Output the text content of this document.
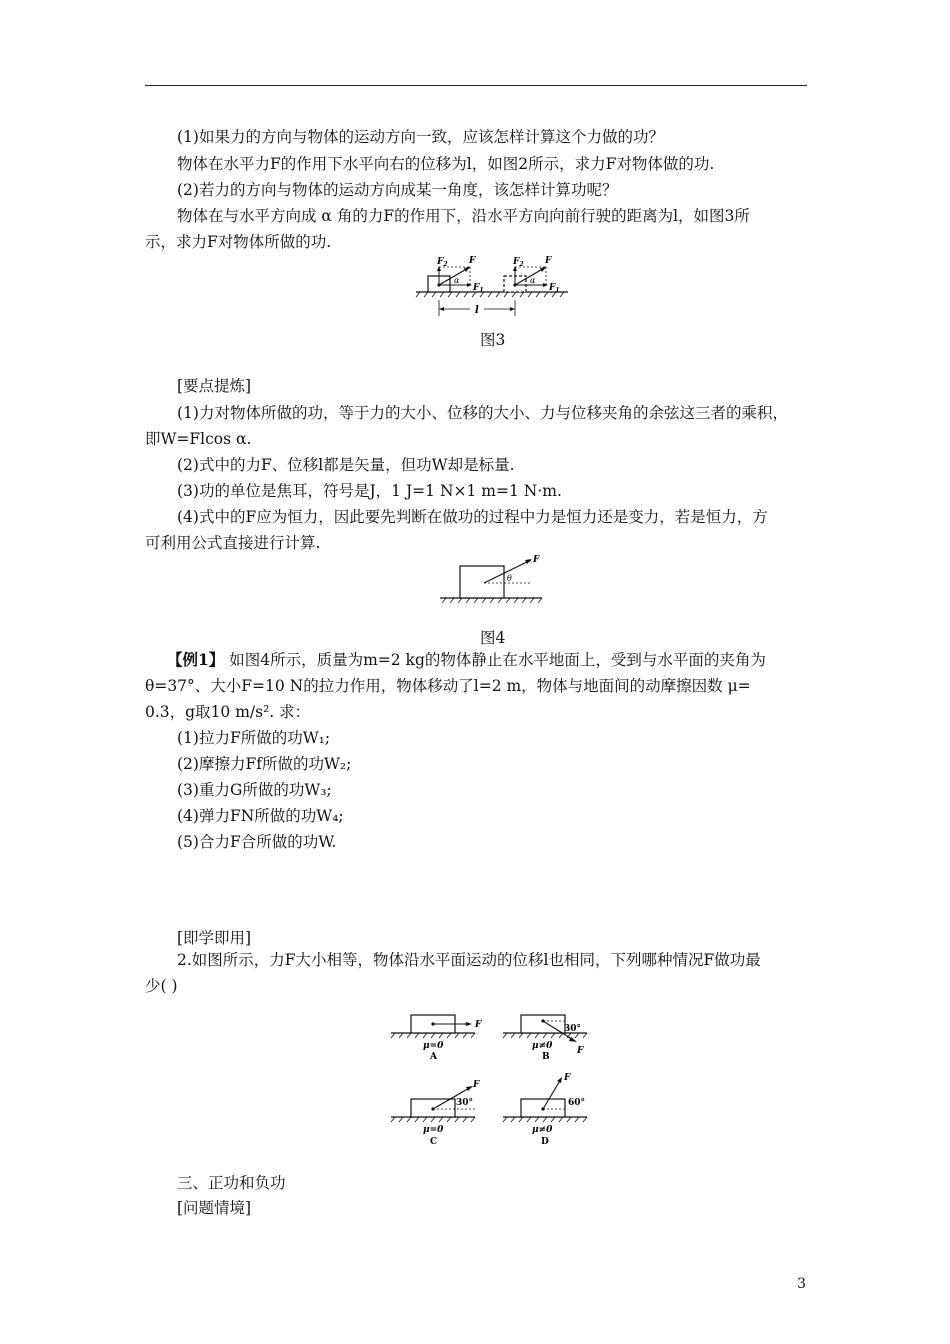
(1)如果力的方向与物体的运动方向一致，应该怎样计算这个力做的功？
物体在水平力F的作用下水平向右的位移为l，如图2所示，求力F对物体做的功.
(2)若力的方向与物体的运动方向成某一角度，该怎样计算功呢？
物体在与水平方向成 α 角的力F的作用下，沿水平方向向前行驶的距离为l，如图3所
示，求力F对物体所做的功.
$F_2$ F
α
$F_1$
$F_2$ F
α
$F_1$
l
图3
[要点提炼]
(1)力对物体所做的功，等于力的大小、位移的大小、力与位移夹角的余弦这三者的乘积，
即W=Flcos α.
(2)式中的力F、位移l都是矢量，但功W却是标量.
(3)功的单位是焦耳，符号是J，1 J=1 N×1 m=1 N·m.
(4)式中的F应为恒力，因此要先判断在做功的过程中力是恒力还是变力，若是恒力，方
可利用公式直接进行计算.
F
θ
图4
【例1】 如图4所示，质量为m=2 kg的物体静止在水平地面上，受到与水平面的夹角为
θ=37°、大小F=10 N的拉力作用，物体移动了l=2 m，物体与地面间的动摩擦因数 μ=
0.3，g取10 m/s². 求：
(1)拉力F所做的功W₁;
(2)摩擦力Ff所做的功W₂;
(3)重力G所做的功W₃;
(4)弹力FN所做的功W₄;
(5)合力F合所做的功W.
[即学即用]
2.如图所示，力F大小相等，物体沿水平面运动的位移l也相同，下列哪种情况F做功最
少( )
F
μ=0
A
30°
F
μ≠0
B
F
30°
μ=0
C
F
60°
μ≠0
D
三、正功和负功
[问题情境]
3
